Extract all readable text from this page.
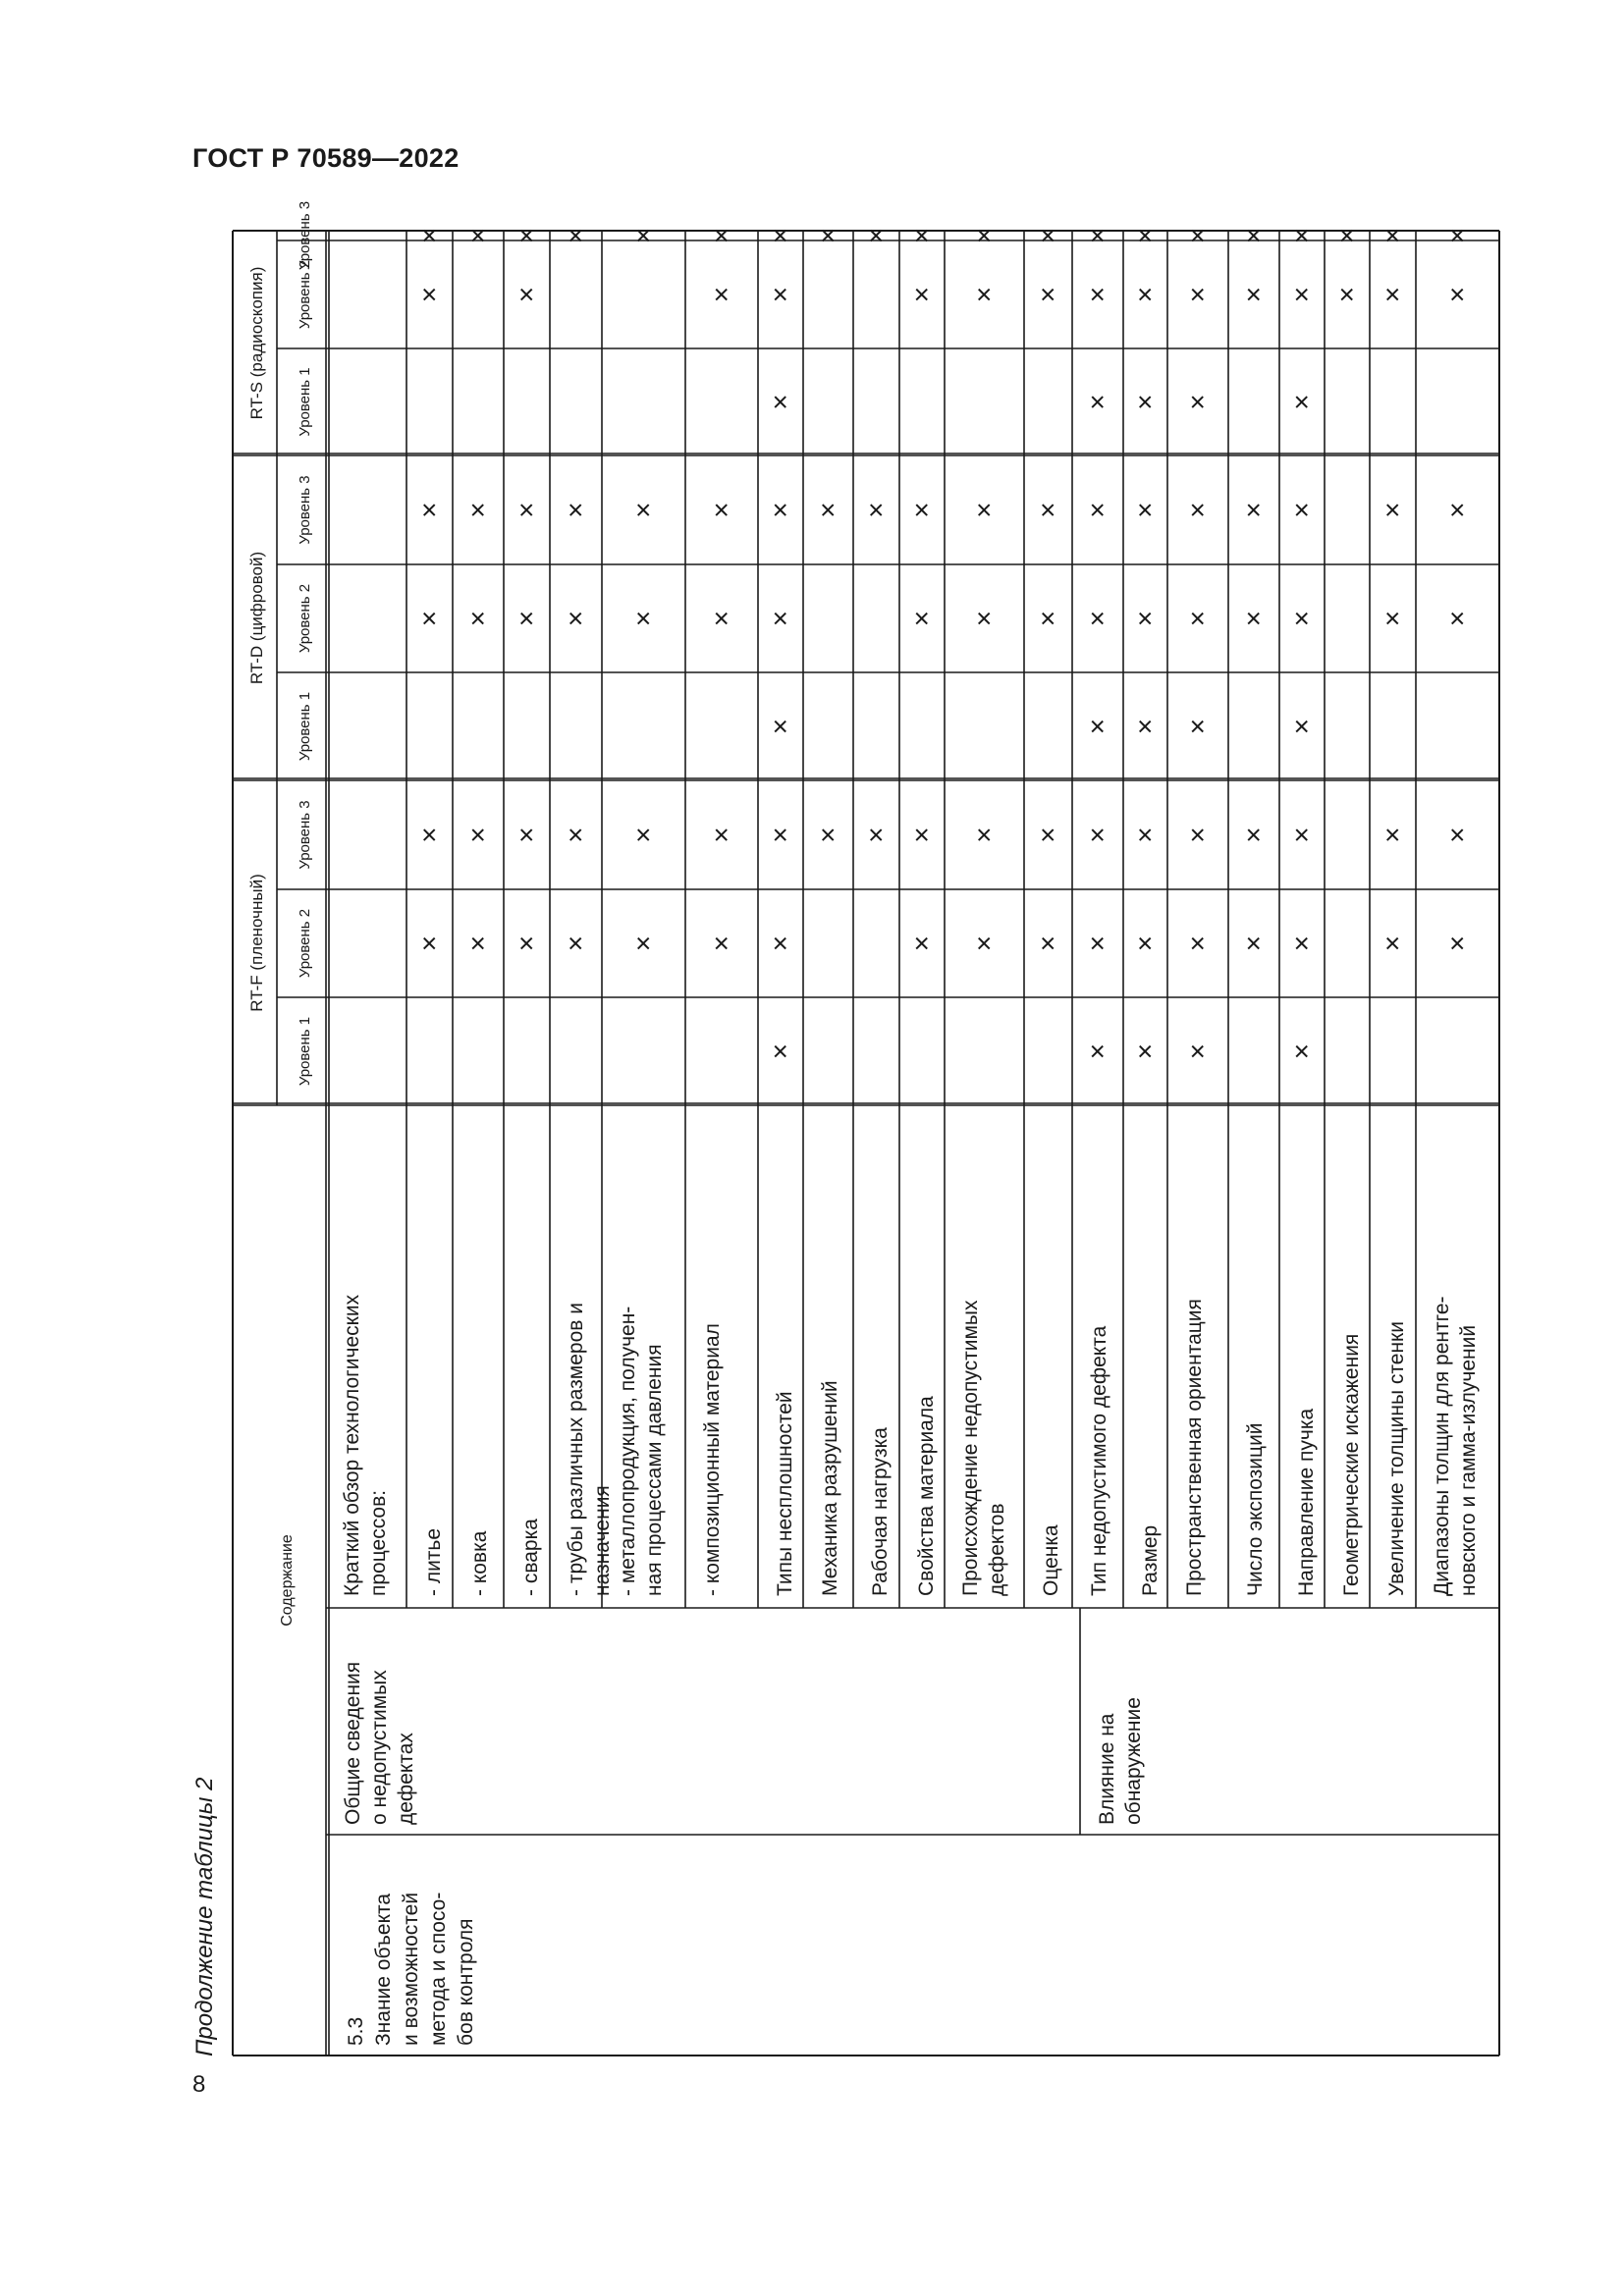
ГОСТ Р 70589—2022
Продолжение таблицы 2
8
Содержание
RT-F (пленочный)
Уровень 1
Уровень 2
Уровень 3
RT-D (цифровой)
Уровень 1
Уровень 2
Уровень 3
RT-S (радиоскопия) Уровень 1
Уровень 2
Уровень 3
5.3 Знание объекта и возможностей метода и спосо- бов контроля
Общие сведения о недопустимых дефектах	Влияние на обнаружение
Краткий обзор технологических процессов: - литье
×
×
×
×
×
×
- ковка
×
×
×
×
×
- сварка
×
×
×
×
×
×
- трубы различных размеров и назначения
×
×
×
×
×
- металлопродукция, получен- ная процессами давления
×
×
×
×
×
- композиционный материал
×
×
×
×
×
×
Типы несплошностей
×
×
×
×
×
×
×
×
×
Механика разрушений
×
×
×
Рабочая нагрузка
×
×
×
Свойства материала
×
×
×
×
×
×
Происхождение недопустимых дефектов
×
×
×
×
×
×
Оценка
×
×
×
×
×
×
Тип недопустимого дефекта
×
×
×
×
×
×
×
×
×
Размер
×
×
×
×
×
×
×
×
×
Пространственная ориентация
×
×
×
×
×
×
×
×
×
Число экспозиций
×
×
×
×
×
×
Направление пучка
×
×
×
×
×
×
×
×
×
Геометрические искажения
×
×
Увеличение толщины стенки
×
×
×
×
×
×
Диапазоны толщин для рентге- новского и гамма-излучений
×
×
×
×
×
×
